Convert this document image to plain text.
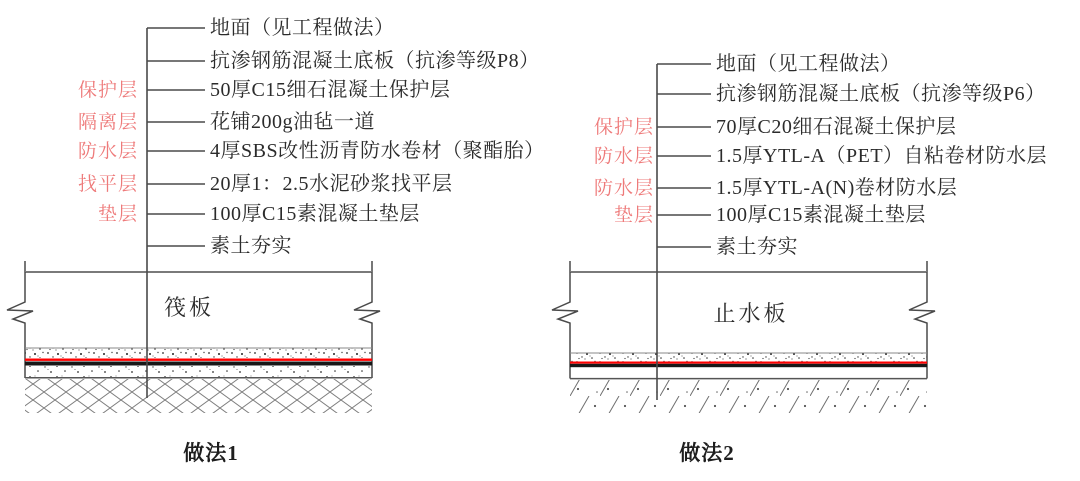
地面（见工程做法）
抗渗钢筋混凝土底板（抗渗等级P8）
50厚C15细石混凝土保护层
保护层
花铺200g油毡一道
隔离层
4厚SBS改性沥青防水卷材（聚酯胎）
防水层
20厚1：2.5水泥砂浆找平层
找平层
100厚C15素混凝土垫层
垫层
素土夯实
地面（见工程做法）
抗渗钢筋混凝土底板（抗渗等级P6）
70厚C20细石混凝土保护层
保护层
1.5厚YTL-A（PET）自粘卷材防水层
防水层
1.5厚YTL-A(N)卷材防水层
防水层
100厚C15素混凝土垫层
垫层
素土夯实
筏板	止水板
做法1	做法2
